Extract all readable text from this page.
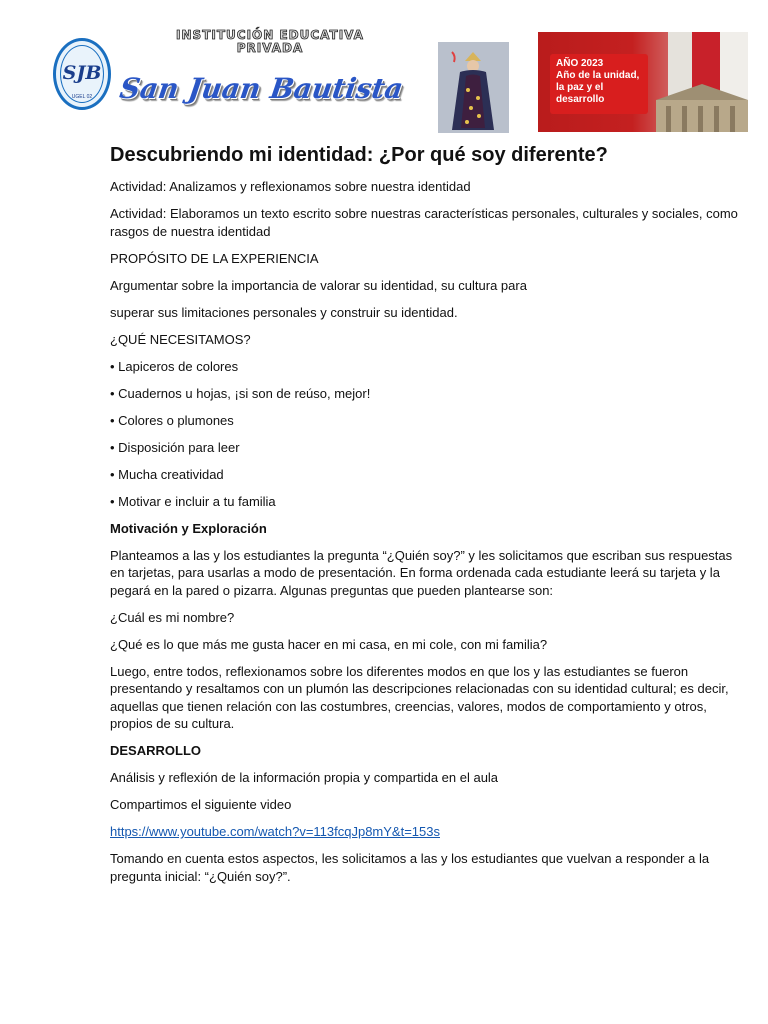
SJB
UGEL 02
INSTITUCIÓN EDUCATIVA
PRIVADA
San Juan Bautista
AÑO 2023
Año de la unidad, la paz y el desarrollo
Descubriendo mi identidad: ¿Por qué soy diferente?

Actividad: Analizamos y reflexionamos sobre nuestra identidad

Actividad: Elaboramos un texto escrito sobre nuestras características personales, culturales y sociales, como rasgos de nuestra identidad

PROPÓSITO DE LA EXPERIENCIA

Argumentar sobre la importancia de valorar su identidad, su cultura para

superar sus limitaciones personales y construir su identidad.

¿QUÉ NECESITAMOS?

• Lapiceros de colores

• Cuadernos u hojas, ¡si son de reúso, mejor!

• Colores o plumones

• Disposición para leer

• Mucha creatividad

• Motivar e incluir a tu familia

Motivación y Exploración

Planteamos a las y los estudiantes la pregunta “¿Quién soy?” y les solicitamos que escriban sus respuestas en tarjetas, para usarlas a modo de presentación. En forma ordenada cada estudiante leerá su tarjeta y la pegará en la pared o pizarra. Algunas preguntas que pueden plantearse son:

¿Cuál es mi nombre?

¿Qué es lo que más me gusta hacer en mi casa, en mi cole, con mi familia?

Luego, entre todos, reflexionamos sobre los diferentes modos en que los y las estudiantes se fueron presentando y resaltamos con un plumón las descripciones relacionadas con su identidad cultural; es decir, aquellas que tienen relación con las costumbres, creencias, valores, modos de comportamiento y otros, propios de su cultura.

DESARROLLO

Análisis y reflexión de la información propia y compartida en el aula

Compartimos el siguiente video

https://www.youtube.com/watch?v=113fcqJp8mY&t=153s

Tomando en cuenta estos aspectos, les solicitamos a las y los estudiantes que vuelvan a responder a la pregunta inicial: “¿Quién soy?”.
